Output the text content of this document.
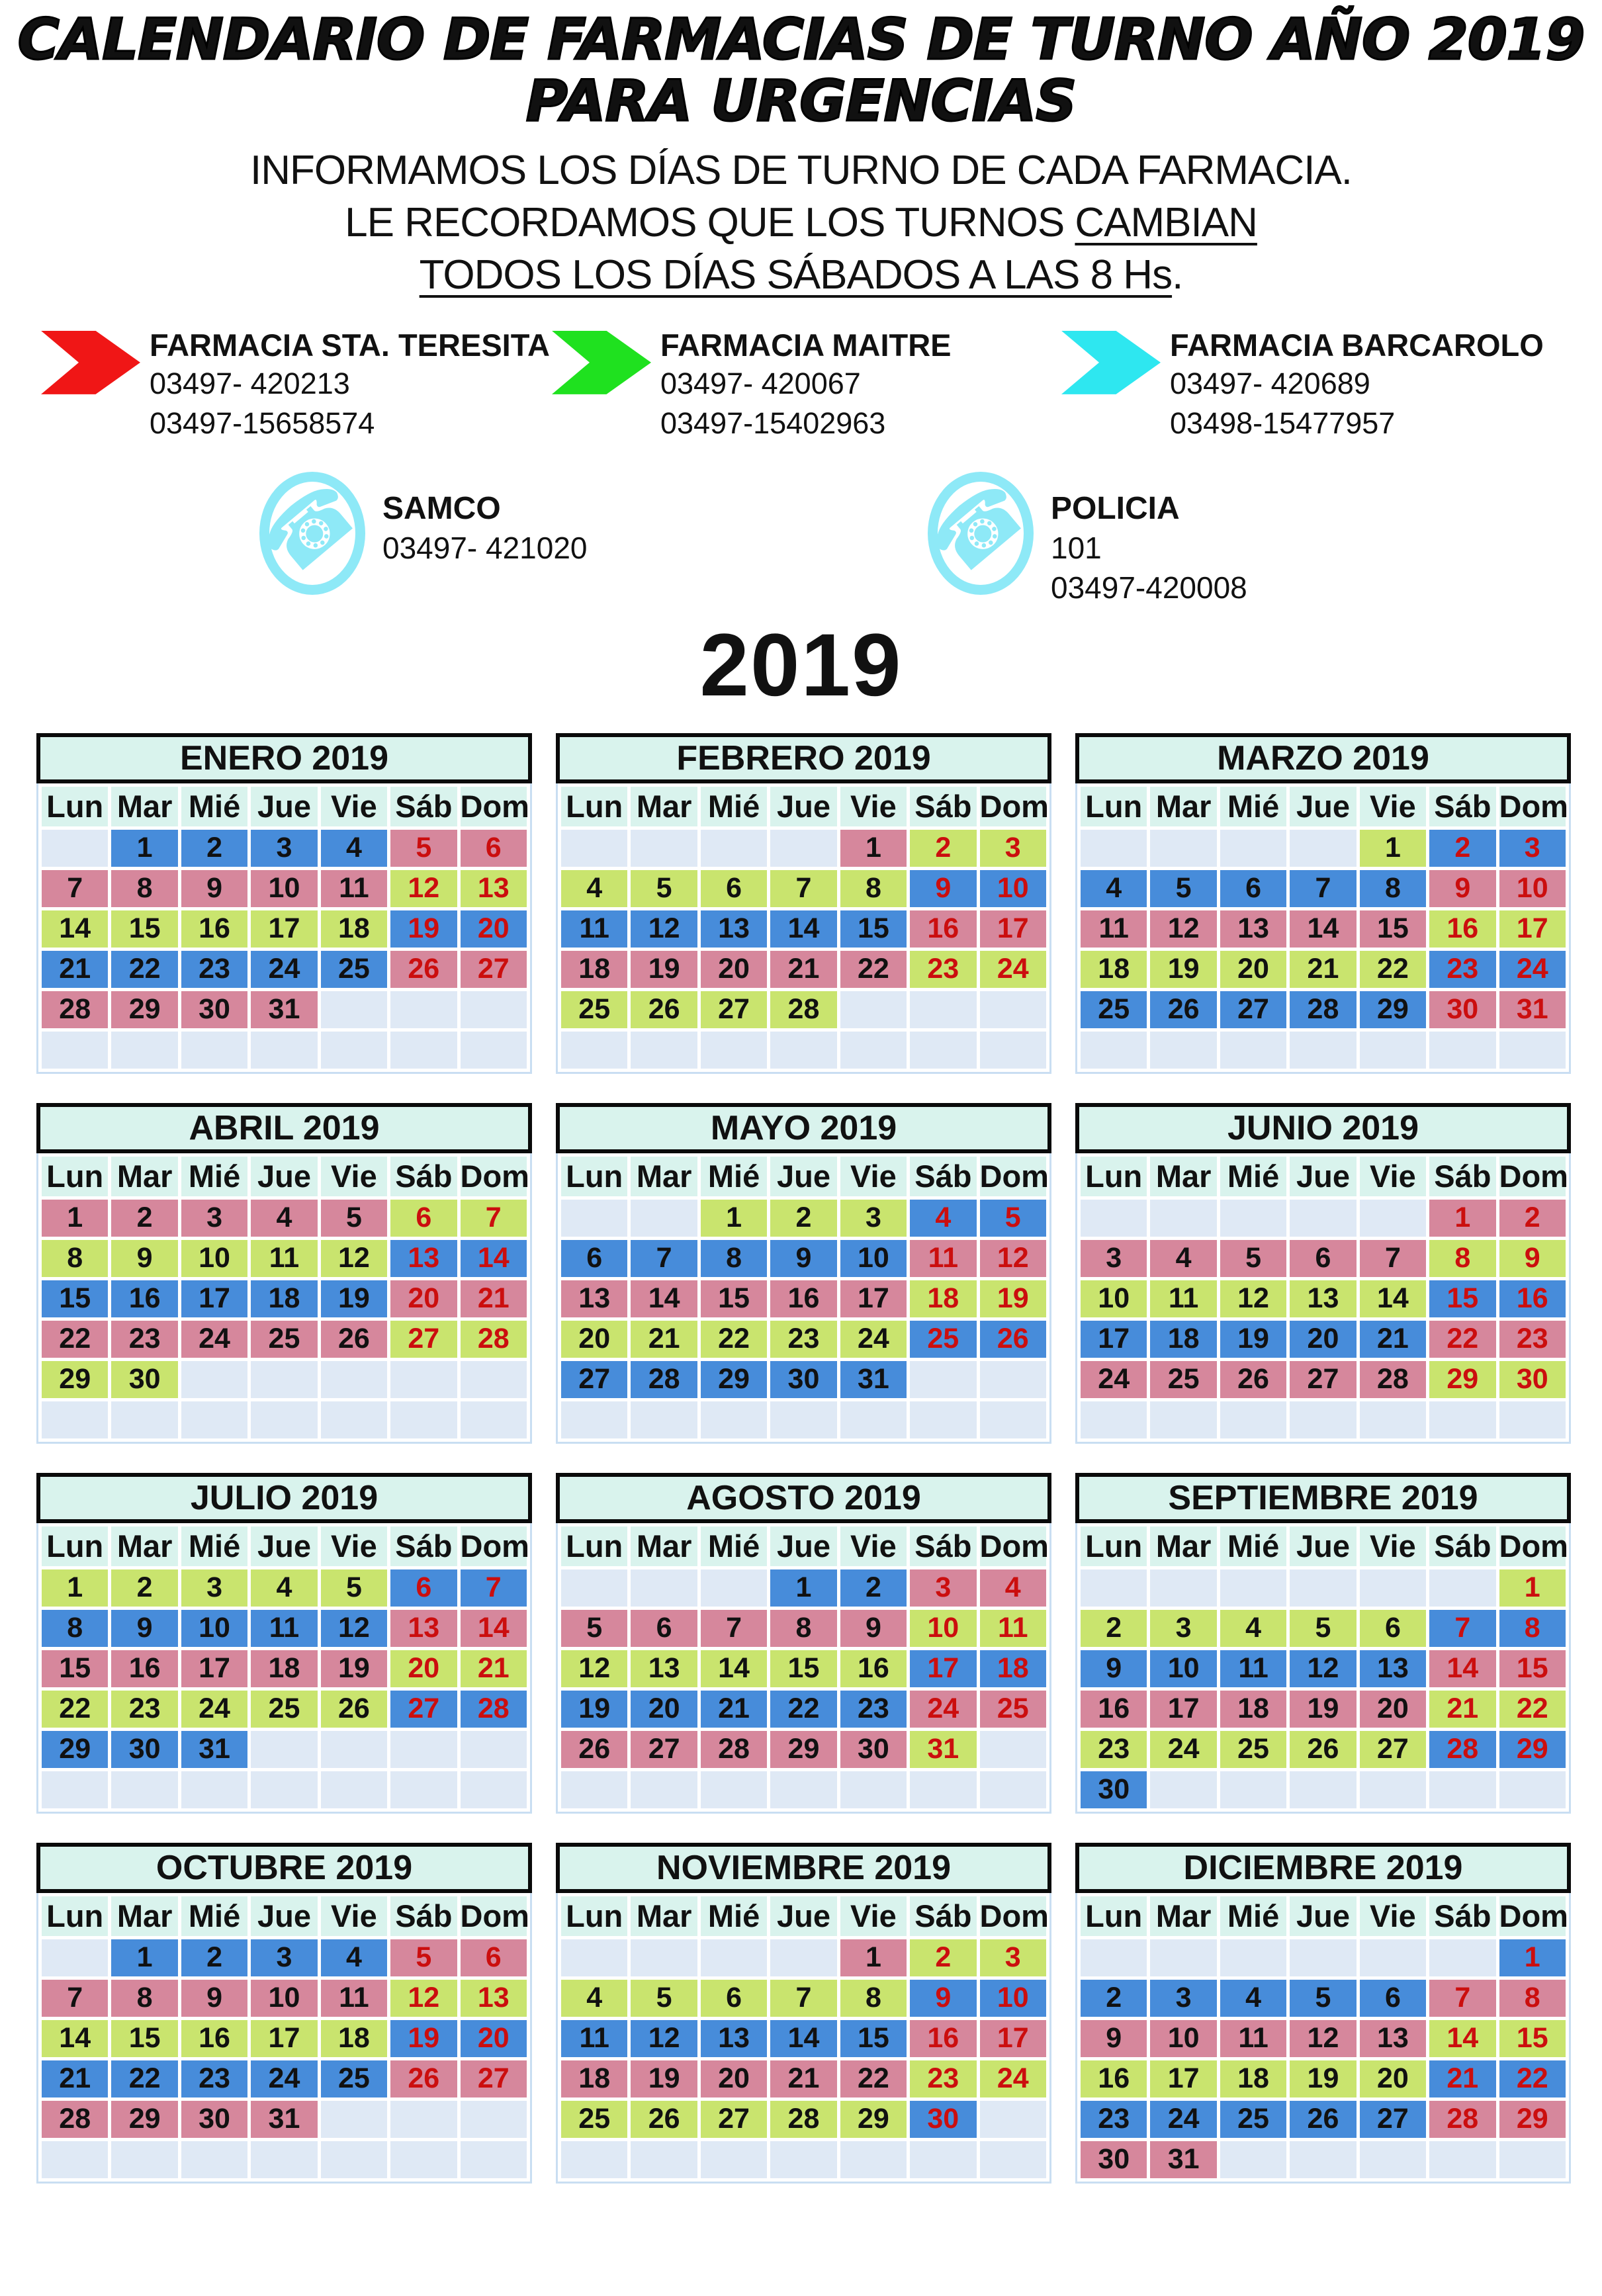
CALENDARIO DE FARMACIAS DE TURNO AÑO 2019
PARA URGENCIAS
INFORMAMOS LOS DÍAS DE TURNO DE CADA FARMACIA.
LE RECORDAMOS QUE LOS TURNOS CAMBIAN
TODOS LOS DÍAS SÁBADOS A LAS 8 Hs.
FARMACIA STA. TERESITA
03497- 420213
03497-15658574
FARMACIA MAITRE
03497- 420067
03497-15402963
FARMACIA BARCAROLO
03497- 420689
03498-15477957
☎ SAMCO
03497- 421020	☎ POLICIA
101
03497-420008
2019
ENERO 2019
Lun	Mar	Mié	Jue	Vie	Sáb	Dom
	1	2	3	4	5	6
7	8	9	10	11	12	13
14	15	16	17	18	19	20
21	22	23	24	25	26	27
28	29	30	31			

FEBRERO 2019
Lun	Mar	Mié	Jue	Vie	Sáb	Dom
				1	2	3
4	5	6	7	8	9	10
11	12	13	14	15	16	17
18	19	20	21	22	23	24
25	26	27	28			

MARZO 2019
Lun	Mar	Mié	Jue	Vie	Sáb	Dom
				1	2	3
4	5	6	7	8	9	10
11	12	13	14	15	16	17
18	19	20	21	22	23	24
25	26	27	28	29	30	31

ABRIL 2019
Lun	Mar	Mié	Jue	Vie	Sáb	Dom
1	2	3	4	5	6	7
8	9	10	11	12	13	14
15	16	17	18	19	20	21
22	23	24	25	26	27	28
29	30					

MAYO 2019
Lun	Mar	Mié	Jue	Vie	Sáb	Dom
		1	2	3	4	5
6	7	8	9	10	11	12
13	14	15	16	17	18	19
20	21	22	23	24	25	26
27	28	29	30	31		

JUNIO 2019
Lun	Mar	Mié	Jue	Vie	Sáb	Dom
					1	2
3	4	5	6	7	8	9
10	11	12	13	14	15	16
17	18	19	20	21	22	23
24	25	26	27	28	29	30

JULIO 2019
Lun	Mar	Mié	Jue	Vie	Sáb	Dom
1	2	3	4	5	6	7
8	9	10	11	12	13	14
15	16	17	18	19	20	21
22	23	24	25	26	27	28
29	30	31				

AGOSTO 2019
Lun	Mar	Mié	Jue	Vie	Sáb	Dom
			1	2	3	4
5	6	7	8	9	10	11
12	13	14	15	16	17	18
19	20	21	22	23	24	25
26	27	28	29	30	31	

SEPTIEMBRE 2019
Lun	Mar	Mié	Jue	Vie	Sáb	Dom
						1
2	3	4	5	6	7	8
9	10	11	12	13	14	15
16	17	18	19	20	21	22
23	24	25	26	27	28	29
30						
OCTUBRE 2019
Lun	Mar	Mié	Jue	Vie	Sáb	Dom
	1	2	3	4	5	6
7	8	9	10	11	12	13
14	15	16	17	18	19	20
21	22	23	24	25	26	27
28	29	30	31			

NOVIEMBRE 2019
Lun	Mar	Mié	Jue	Vie	Sáb	Dom
				1	2	3
4	5	6	7	8	9	10
11	12	13	14	15	16	17
18	19	20	21	22	23	24
25	26	27	28	29	30	

DICIEMBRE 2019
Lun	Mar	Mié	Jue	Vie	Sáb	Dom
						1
2	3	4	5	6	7	8
9	10	11	12	13	14	15
16	17	18	19	20	21	22
23	24	25	26	27	28	29
30	31					
